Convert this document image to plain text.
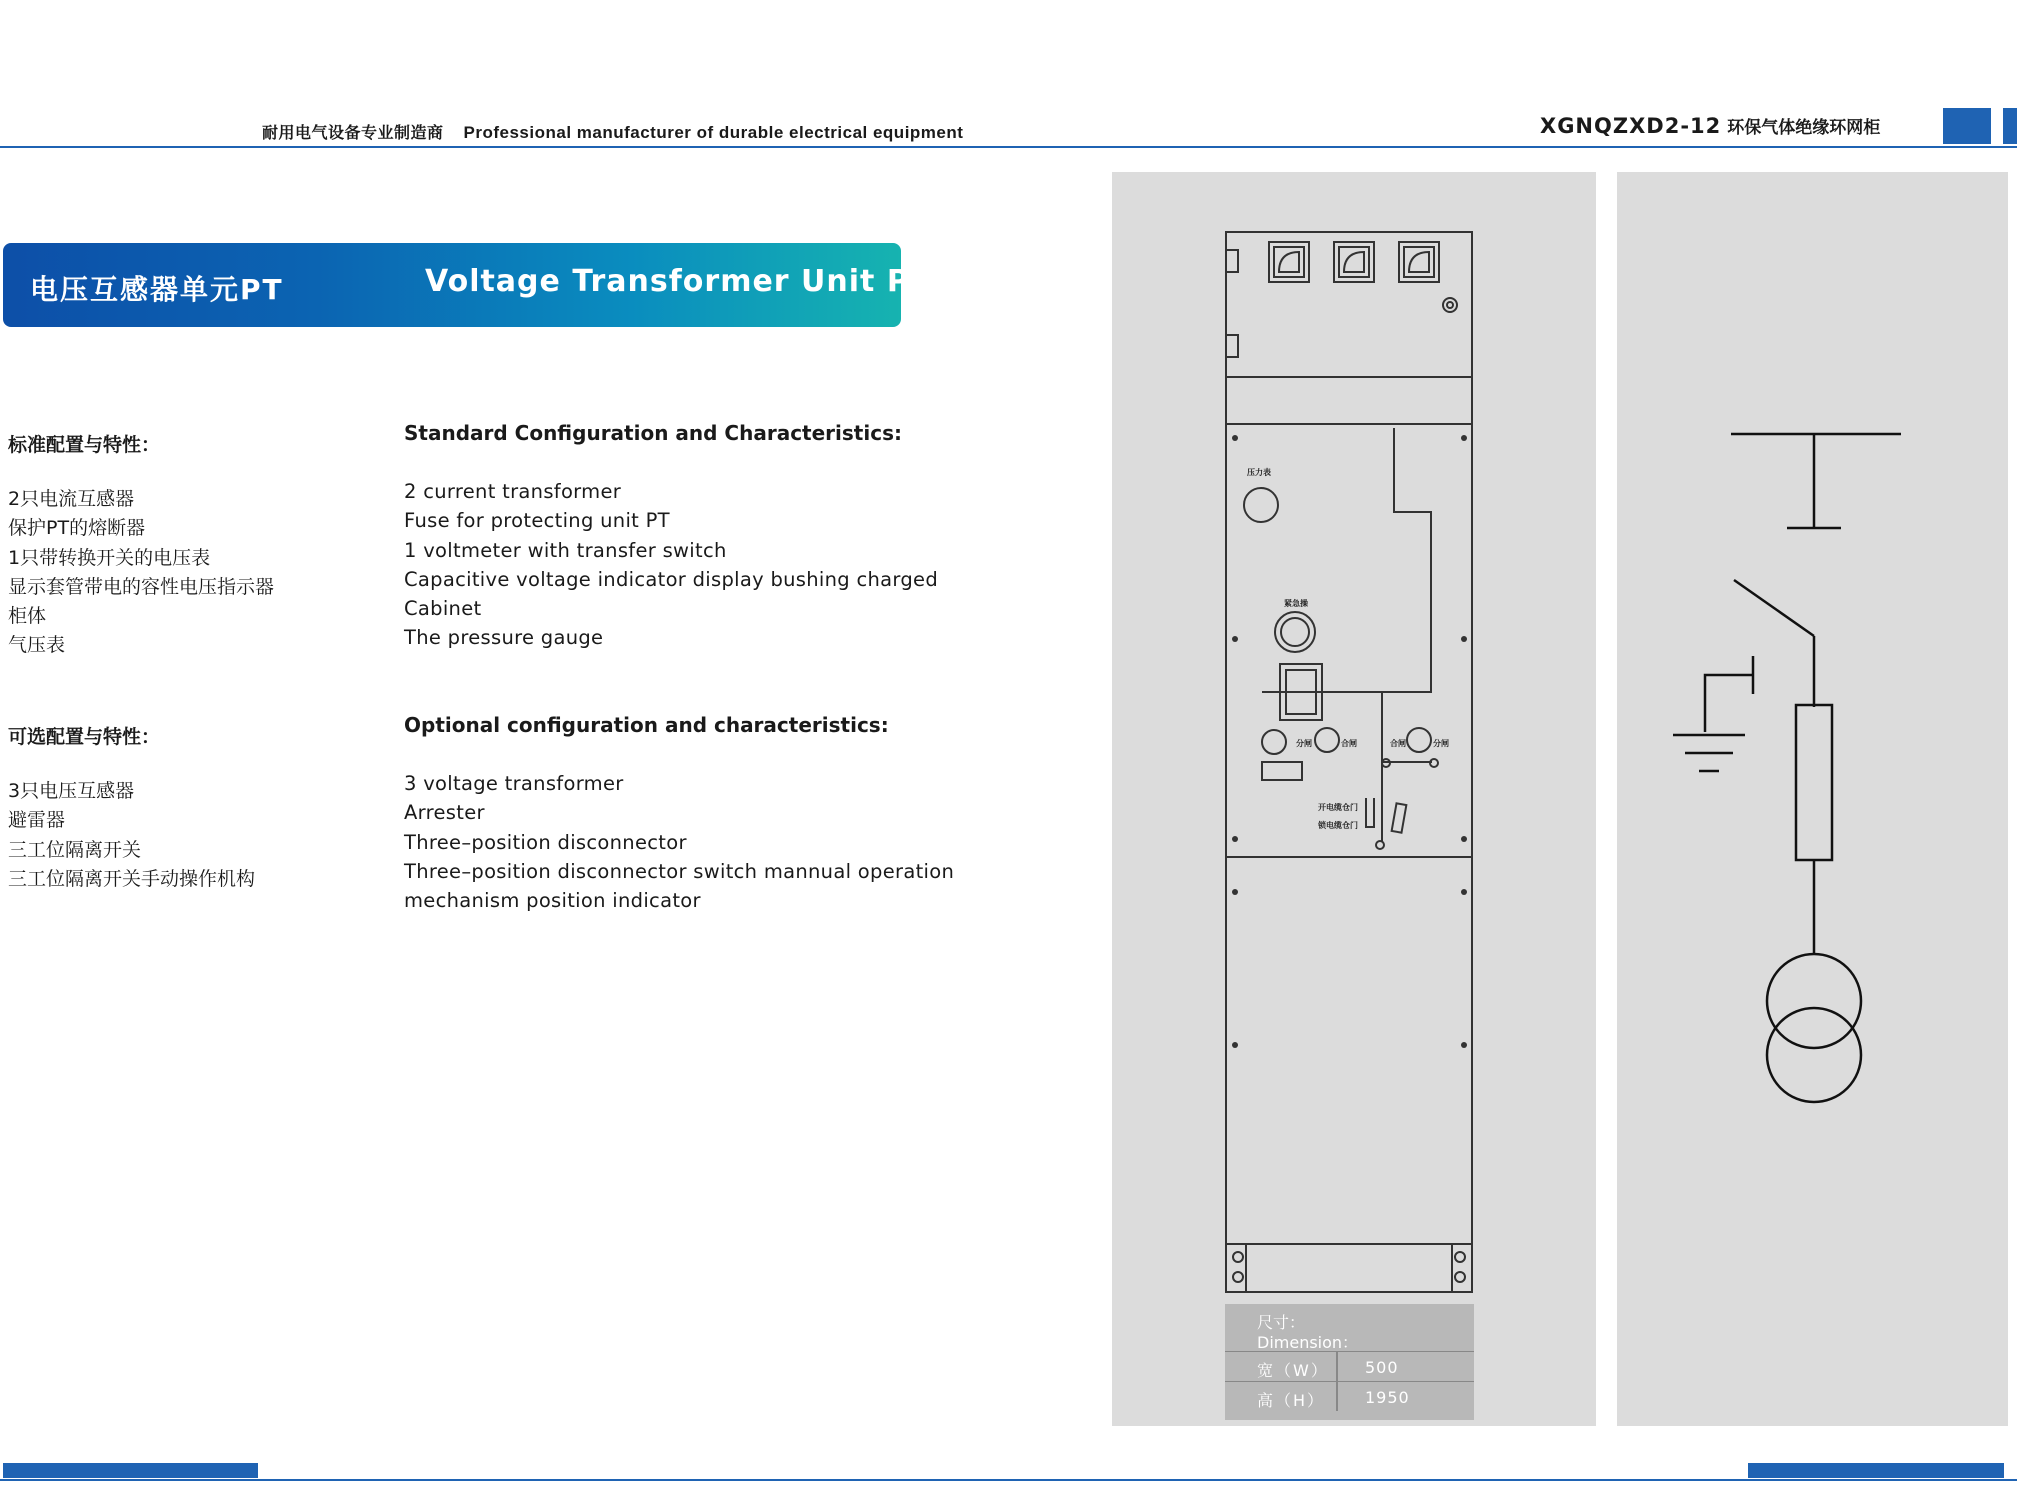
耐用电气设备专业制造商 Professional manufacturer of durable electrical equipment	XGNQZXD2-12 环保气体绝缘环网柜
电压互感器单元PT	Voltage Transformer Unit PT
标准配置与特性：	Standard Configuration and Characteristics:
2只电流互感器
保护PT的熔断器
1只带转换开关的电压表
显示套管带电的容性电压指示器
柜体
气压表
2 current transformer
Fuse for protecting unit PT
1 voltmeter with transfer switch
Capacitive voltage indicator display bushing charged
Cabinet
The pressure gauge
可选配置与特性：	Optional configuration and characteristics:
3只电压互感器
避雷器
三工位隔离开关
三工位隔离开关手动操作机构
3 voltage transformer
Arrester
Three–position disconnector
Three–position disconnector switch mannual operation
mechanism position indicator
压力表
紧急操
分闸	合闸	合闸	分闸
开电缆仓门
锁电缆仓门
尺寸：
Dimension：
宽（W） 500
高（H） 1950
